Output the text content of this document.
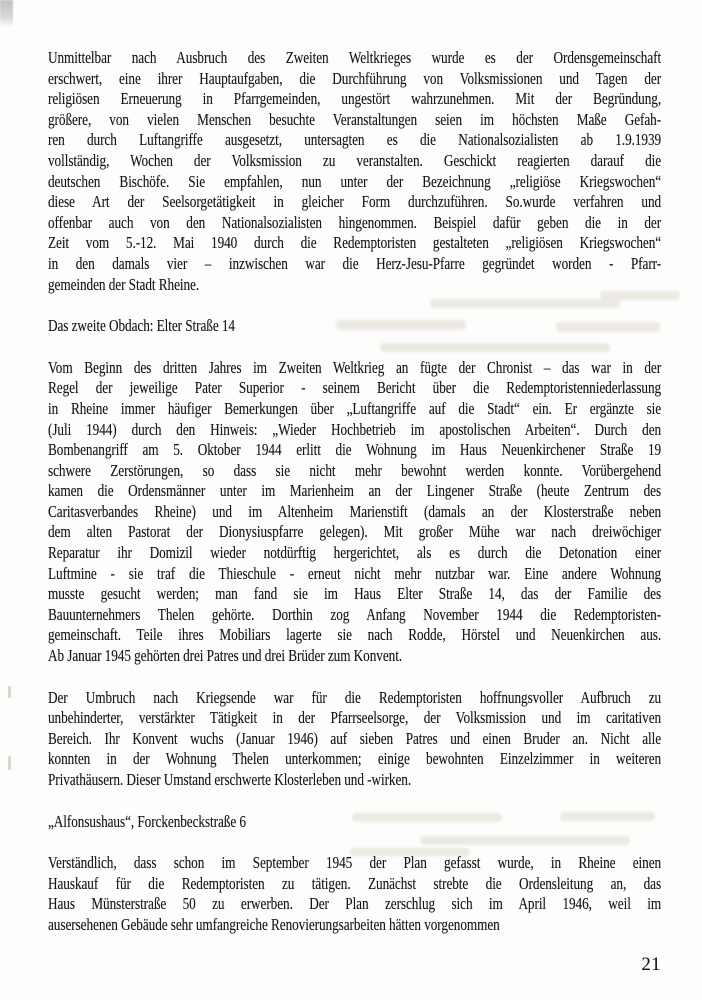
Unmittelbar nach Ausbruch des Zweiten Weltkrieges wurde es der Ordensgemeinschaft
erschwert, eine ihrer Hauptaufgaben, die Durchführung von Volksmissionen und Tagen der
religiösen Erneuerung in Pfarrgemeinden, ungestört wahrzunehmen. Mit der Begründung,
größere, von vielen Menschen besuchte Veranstaltungen seien im höchsten Maße Gefah-
ren durch Luftangriffe ausgesetzt, untersagten es die Nationalsozialisten ab 1.9.1939
vollständig, Wochen der Volksmission zu veranstalten. Geschickt reagierten darauf die
deutschen Bischöfe. Sie empfahlen, nun unter der Bezeichnung „religiöse Kriegswochen“
diese Art der Seelsorgetätigkeit in gleicher Form durchzuführen. So.wurde verfahren und
offenbar auch von den Nationalsozialisten hingenommen. Beispiel dafür geben die in der
Zeit vom 5.-12. Mai 1940 durch die Redemptoristen gestalteten „religiösen Kriegswochen“
in den damals vier – inzwischen war die Herz-Jesu-Pfarre gegründet worden - Pfarr-
gemeinden der Stadt Rheine.
Das zweite Obdach: Elter Straße 14
Vom Beginn des dritten Jahres im Zweiten Weltkrieg an fügte der Chronist – das war in der
Regel der jeweilige Pater Superior - seinem Bericht über die Redemptoristenniederlassung
in Rheine immer häufiger Bemerkungen über „Luftangriffe auf die Stadt“ ein. Er ergänzte sie
(Juli 1944) durch den Hinweis: „Wieder Hochbetrieb im apostolischen Arbeiten“. Durch den
Bombenangriff am 5. Oktober 1944 erlitt die Wohnung im Haus Neuenkirchener Straße 19
schwere Zerstörungen, so dass sie nicht mehr bewohnt werden konnte. Vorübergehend
kamen die Ordensmänner unter im Marienheim an der Lingener Straße (heute Zentrum des
Caritasverbandes Rheine) und im Altenheim Marienstift (damals an der Klosterstraße neben
dem alten Pastorat der Dionysiuspfarre gelegen). Mit großer Mühe war nach dreiwöchiger
Reparatur ihr Domizil wieder notdürftig hergerichtet, als es durch die Detonation einer
Luftmine - sie traf die Thieschule - erneut nicht mehr nutzbar war. Eine andere Wohnung
musste gesucht werden; man fand sie im Haus Elter Straße 14, das der Familie des
Bauunternehmers Thelen gehörte. Dorthin zog Anfang November 1944 die Redemptoristen-
gemeinschaft. Teile ihres Mobiliars lagerte sie nach Rodde, Hörstel und Neuenkirchen aus.
Ab Januar 1945 gehörten drei Patres und drei Brüder zum Konvent.
Der Umbruch nach Kriegsende war für die Redemptoristen hoffnungsvoller Aufbruch zu
unbehinderter, verstärkter Tätigkeit in der Pfarrseelsorge, der Volksmission und im caritativen
Bereich. Ihr Konvent wuchs (Januar 1946) auf sieben Patres und einen Bruder an. Nicht alle
konnten in der Wohnung Thelen unterkommen; einige bewohnten Einzelzimmer in weiteren
Privathäusern. Dieser Umstand erschwerte Klosterleben und -wirken.
„Alfonsushaus“, Forckenbeckstraße 6
Verständlich, dass schon im September 1945 der Plan gefasst wurde, in Rheine einen
Hauskauf für die Redemptoristen zu tätigen. Zunächst strebte die Ordensleitung an, das
Haus Münsterstraße 50 zu erwerben. Der Plan zerschlug sich im April 1946, weil im
ausersehenen Gebäude sehr umfangreiche Renovierungsarbeiten hätten vorgenommen
21
